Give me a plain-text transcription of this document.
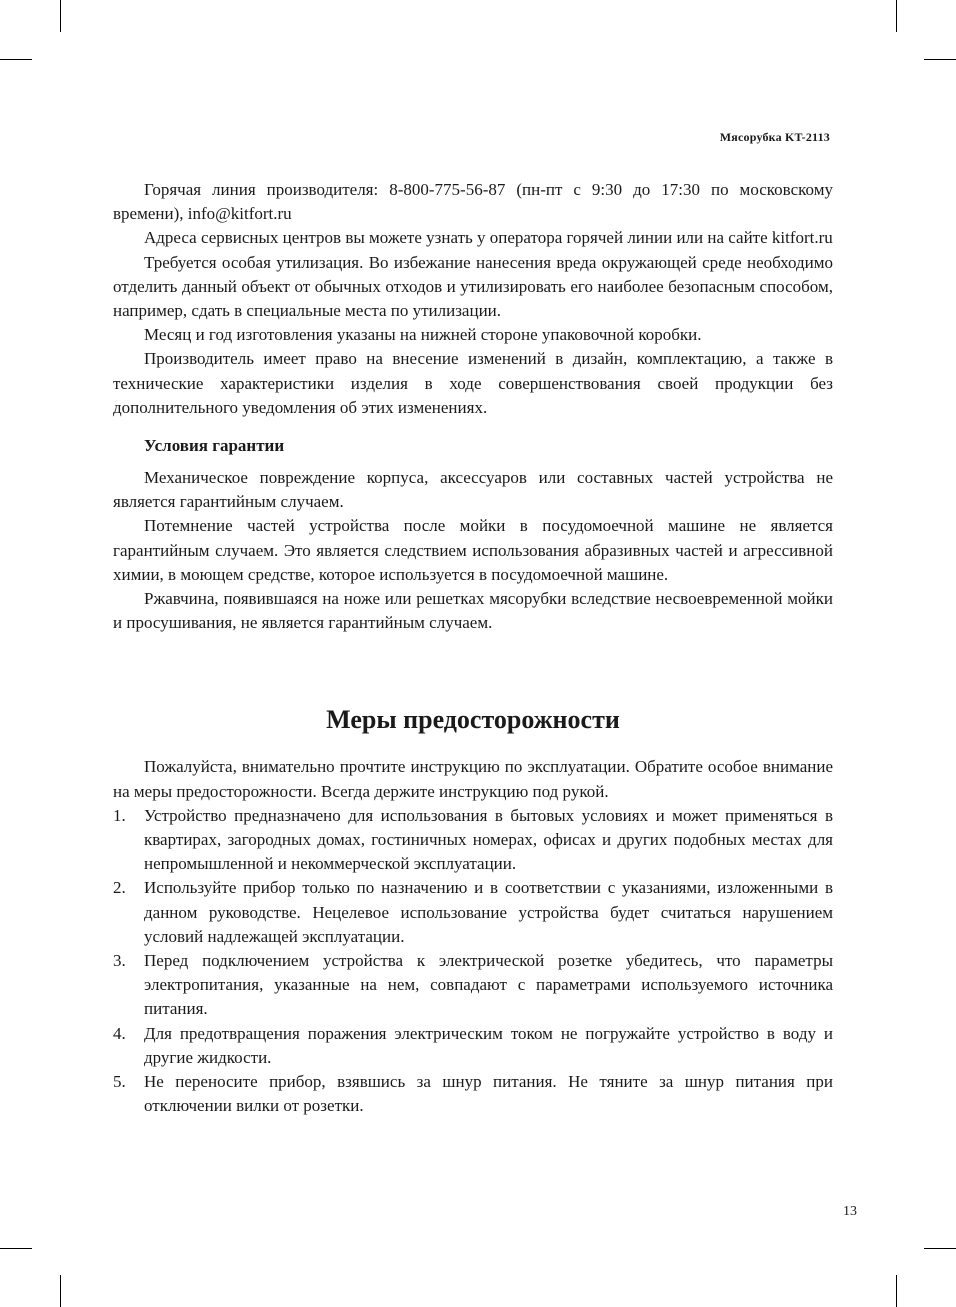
Мясорубка KT-2113

Горячая линия производителя: 8-800-775-56-87 (пн-пт с 9:30 до 17:30 по московскому времени), info@kitfort.ru

Адреса сервисных центров вы можете узнать у оператора горячей линии или на сайте kitfort.ru

Требуется особая утилизация. Во избежание нанесения вреда окружающей среде необходимо отделить данный объект от обычных отходов и утилизировать его наиболее безопасным способом, например, сдать в специальные места по утилизации.

Месяц и год изготовления указаны на нижней стороне упаковочной коробки.

Производитель имеет право на внесение изменений в дизайн, комплектацию, а также в технические характеристики изделия в ходе совершенствования своей продукции без дополнительного уведомления об этих изменениях.

Условия гарантии

Механическое повреждение корпуса, аксессуаров или составных частей устройства не является гарантийным случаем.

Потемнение частей устройства после мойки в посудомоечной машине не является гарантийным случаем. Это является следствием использования абразивных частей и агрессивной химии, в моющем средстве, которое используется в посудомоечной машине.

Ржавчина, появившаяся на ноже или решетках мясорубки вследствие несвоевременной мойки и просушивания, не является гарантийным случаем.

Меры предосторожности

Пожалуйста, внимательно прочтите инструкцию по эксплуатации. Обратите особое внимание на меры предосторожности. Всегда держите инструкцию под рукой.

1. Устройство предназначено для использования в бытовых условиях и может применяться в квартирах, загородных домах, гостиничных номерах, офисах и других подобных местах для непромышленной и некоммерческой эксплуатации.
2. Используйте прибор только по назначению и в соответствии с указаниями, изложенными в данном руководстве. Нецелевое использование устройства будет считаться нарушением условий надлежащей эксплуатации.
3. Перед подключением устройства к электрической розетке убедитесь, что параметры электропитания, указанные на нем, совпадают с параметрами используемого источника питания.
4. Для предотвращения поражения электрическим током не погружайте устройство в воду и другие жидкости.
5. Не переносите прибор, взявшись за шнур питания. Не тяните за шнур питания при отключении вилки от розетки.
13
